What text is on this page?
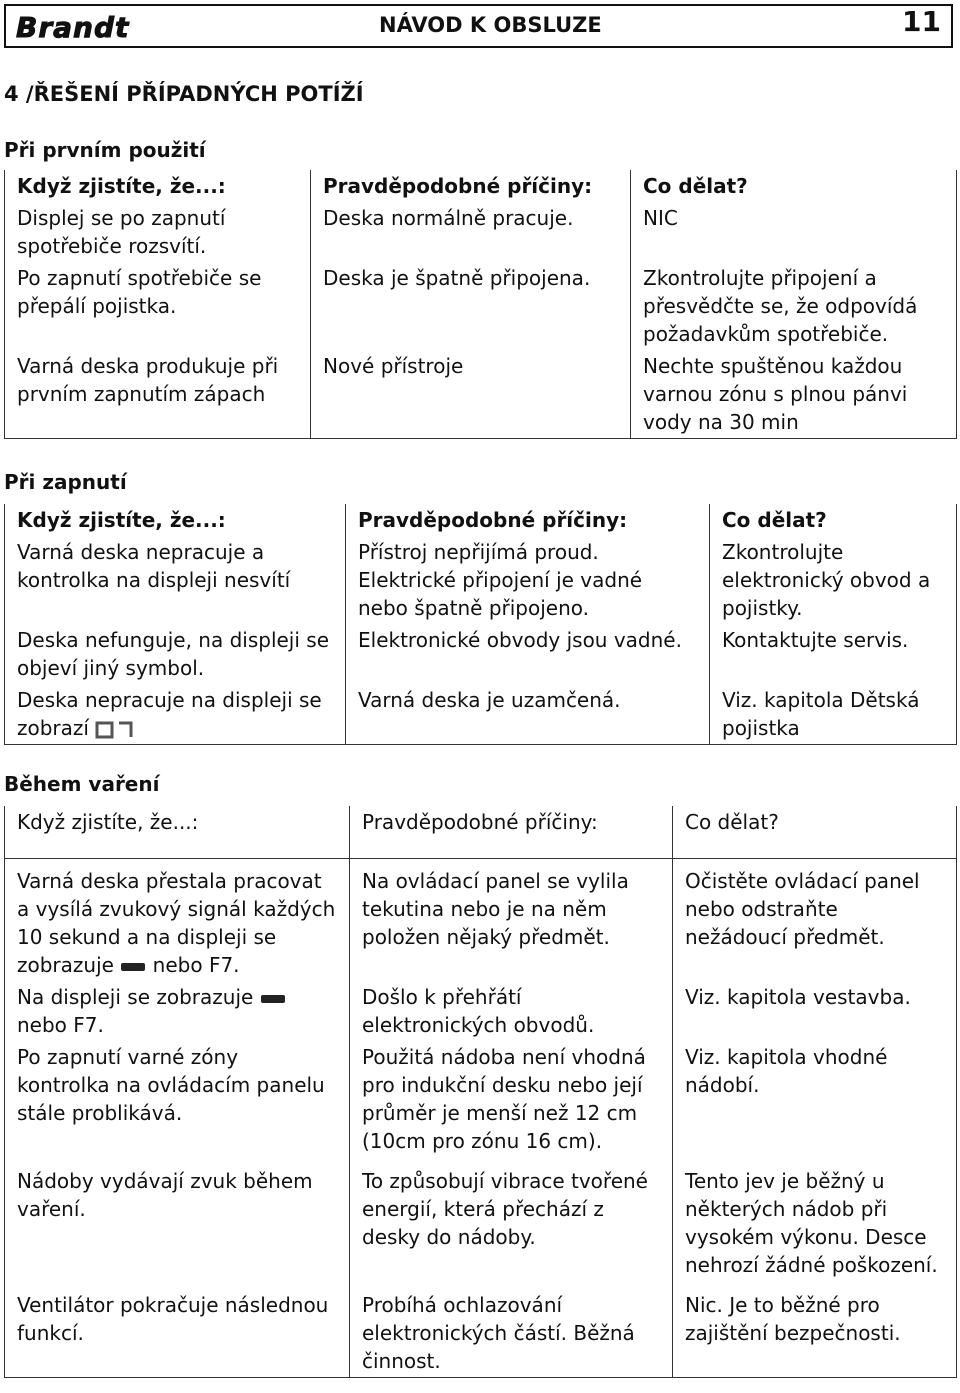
Brandt	NÁVOD K OBSLUZE	11
4 /ŘEŠENÍ PŘÍPADNÝCH POTÍŽÍ
Při prvním použití
Když zjistíte, že...:	Pravděpodobné příčiny:	Co dělat?
Displej se po zapnutí spotřebiče rozsvítí.	Deska normálně pracuje.	NIC
Po zapnutí spotřebiče se přepálí pojistka.	Deska je špatně připojena.	Zkontrolujte připojení a přesvědčte se, že odpovídá požadavkům spotřebiče.
Varná deska produkuje při prvním zapnutím zápach	Nové přístroje	Nechte spuštěnou každou varnou zónu s plnou pánvi vody na 30 min
Při zapnutí
Když zjistíte, že...:	Pravděpodobné příčiny:	Co dělat?
Varná deska nepracuje a kontrolka na displeji nesvítí	Přístroj nepřijímá proud. Elektrické připojení je vadné nebo špatně připojeno.	Zkontrolujte elektronický obvod a pojistky.
Deska nefunguje, na displeji se objeví jiný symbol.	Elektronické obvody jsou vadné.	Kontaktujte servis.
Deska nepracuje na displeji se zobrazí	Varná deska je uzamčená.	Viz. kapitola Dětská pojistka
Během vaření
Když zjistíte, že...:	Pravděpodobné příčiny:	Co dělat?

Varná deska přestala pracovat a vysílá zvukový signál každých 10 sekund a na displeji se zobrazuje nebo F7.	Na ovládací panel se vylila tekutina nebo je na něm položen nějaký předmět.	Očistěte ovládací panel nebo odstraňte nežádoucí předmět.
Na displeji se zobrazuje  nebo F7.	Došlo k přehřátí elektronických obvodů.	Viz. kapitola vestavba.
Po zapnutí varné zóny kontrolka na ovládacím panelu stále problikává.	Použitá nádoba není vhodná pro indukční desku nebo její průměr je menší než 12 cm (10cm pro zónu 16 cm).	Viz. kapitola vhodné nádobí.
Nádoby vydávají zvuk během vaření.	To způsobují vibrace tvořené energií, která přechází z desky do nádoby.	Tento jev je běžný u některých nádob při vysokém výkonu. Desce nehrozí žádné poškození.
Ventilátor pokračuje následnou funkcí.	Probíhá ochlazování elektronických částí. Běžná činnost.	Nic. Je to běžné pro zajištění bezpečnosti.
